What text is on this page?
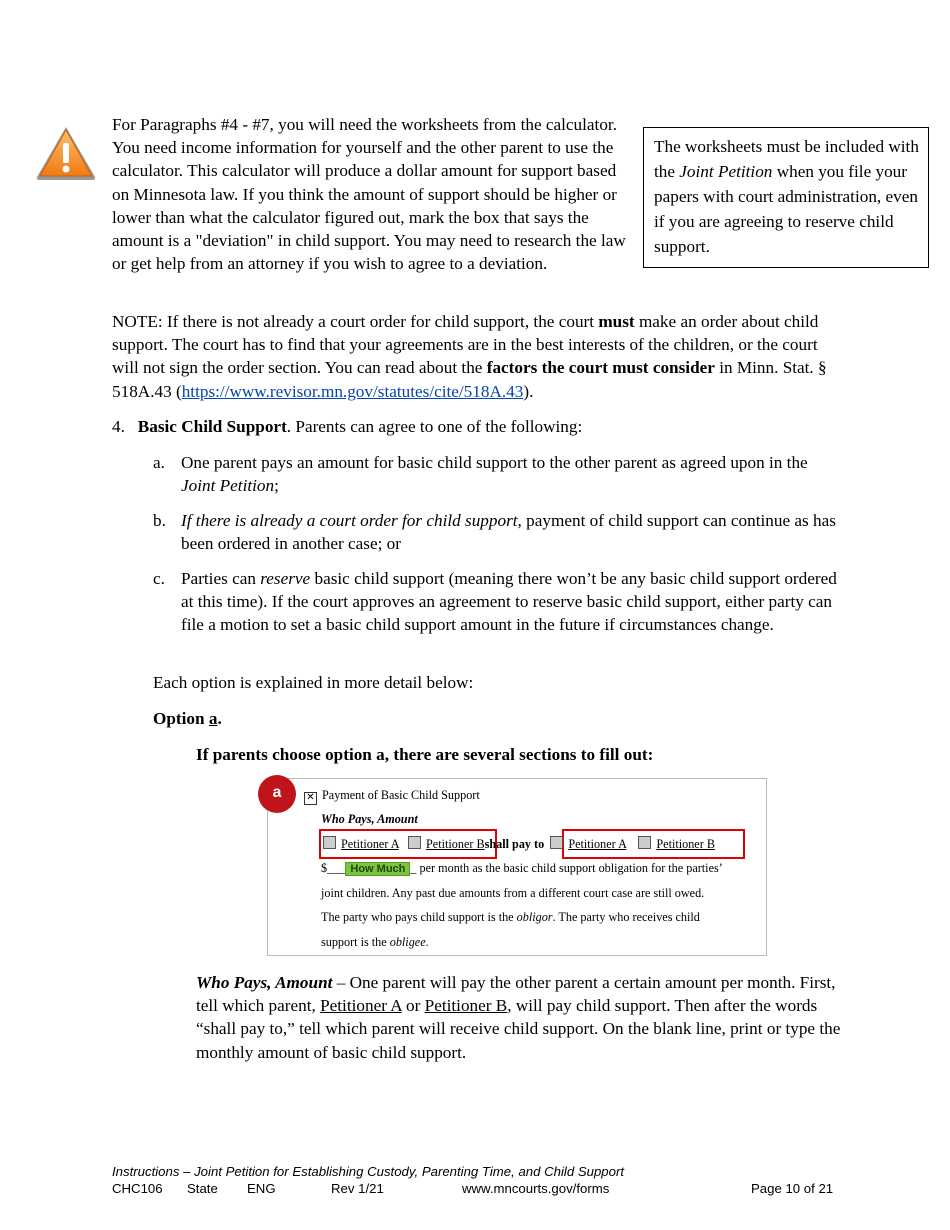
For Paragraphs #4 - #7, you will need the worksheets from the calculator. You need income information for yourself and the other parent to use the calculator. This calculator will produce a dollar amount for support based on Minnesota law. If you think the amount of support should be higher or lower than what the calculator figured out, mark the box that says the amount is a "deviation" in child support. You may need to research the law or get help from an attorney if you wish to agree to a deviation.

The worksheets must be included with the Joint Petition when you file your papers with court administration, even if you are agreeing to reserve child support.

NOTE: If there is not already a court order for child support, the court must make an order about child support. The court has to find that your agreements are in the best interests of the children, or the court will not sign the order section. You can read about the factors the court must consider in Minn. Stat. § 518A.43 (https://www.revisor.mn.gov/statutes/cite/518A.43).

4. Basic Child Support. Parents can agree to one of the following:

a. One parent pays an amount for basic child support to the other parent as agreed upon in the Joint Petition;
b. If there is already a court order for child support, payment of child support can continue as has been ordered in another case; or
c. Parties can reserve basic child support (meaning there won’t be any basic child support ordered at this time). If the court approves an agreement to reserve basic child support, either party can file a motion to set a basic child support amount in the future if circumstances change.

Each option is explained in more detail below:

Option a.

If parents choose option a, there are several sections to fill out:

✕ Payment of Basic Child Support
Who Pays, Amount
Petitioner A Petitioner Bshall pay to Petitioner A Petitioner B
$___ How Much _ per month as the basic child support obligation for the parties’
joint children. Any past due amounts from a different court case are still owed.
The party who pays child support is the obligor. The party who receives child
support is the obligee.
a

Who Pays, Amount – One parent will pay the other parent a certain amount per month. First, tell which parent, Petitioner A or Petitioner B, will pay child support. Then after the words “shall pay to,” tell which parent will receive child support. On the blank line, print or type the monthly amount of basic child support.

Instructions – Joint Petition for Establishing Custody, Parenting Time, and Child Support
CHC106 State ENG	Rev 1/21	www.mncourts.gov/forms	Page 10 of 21
